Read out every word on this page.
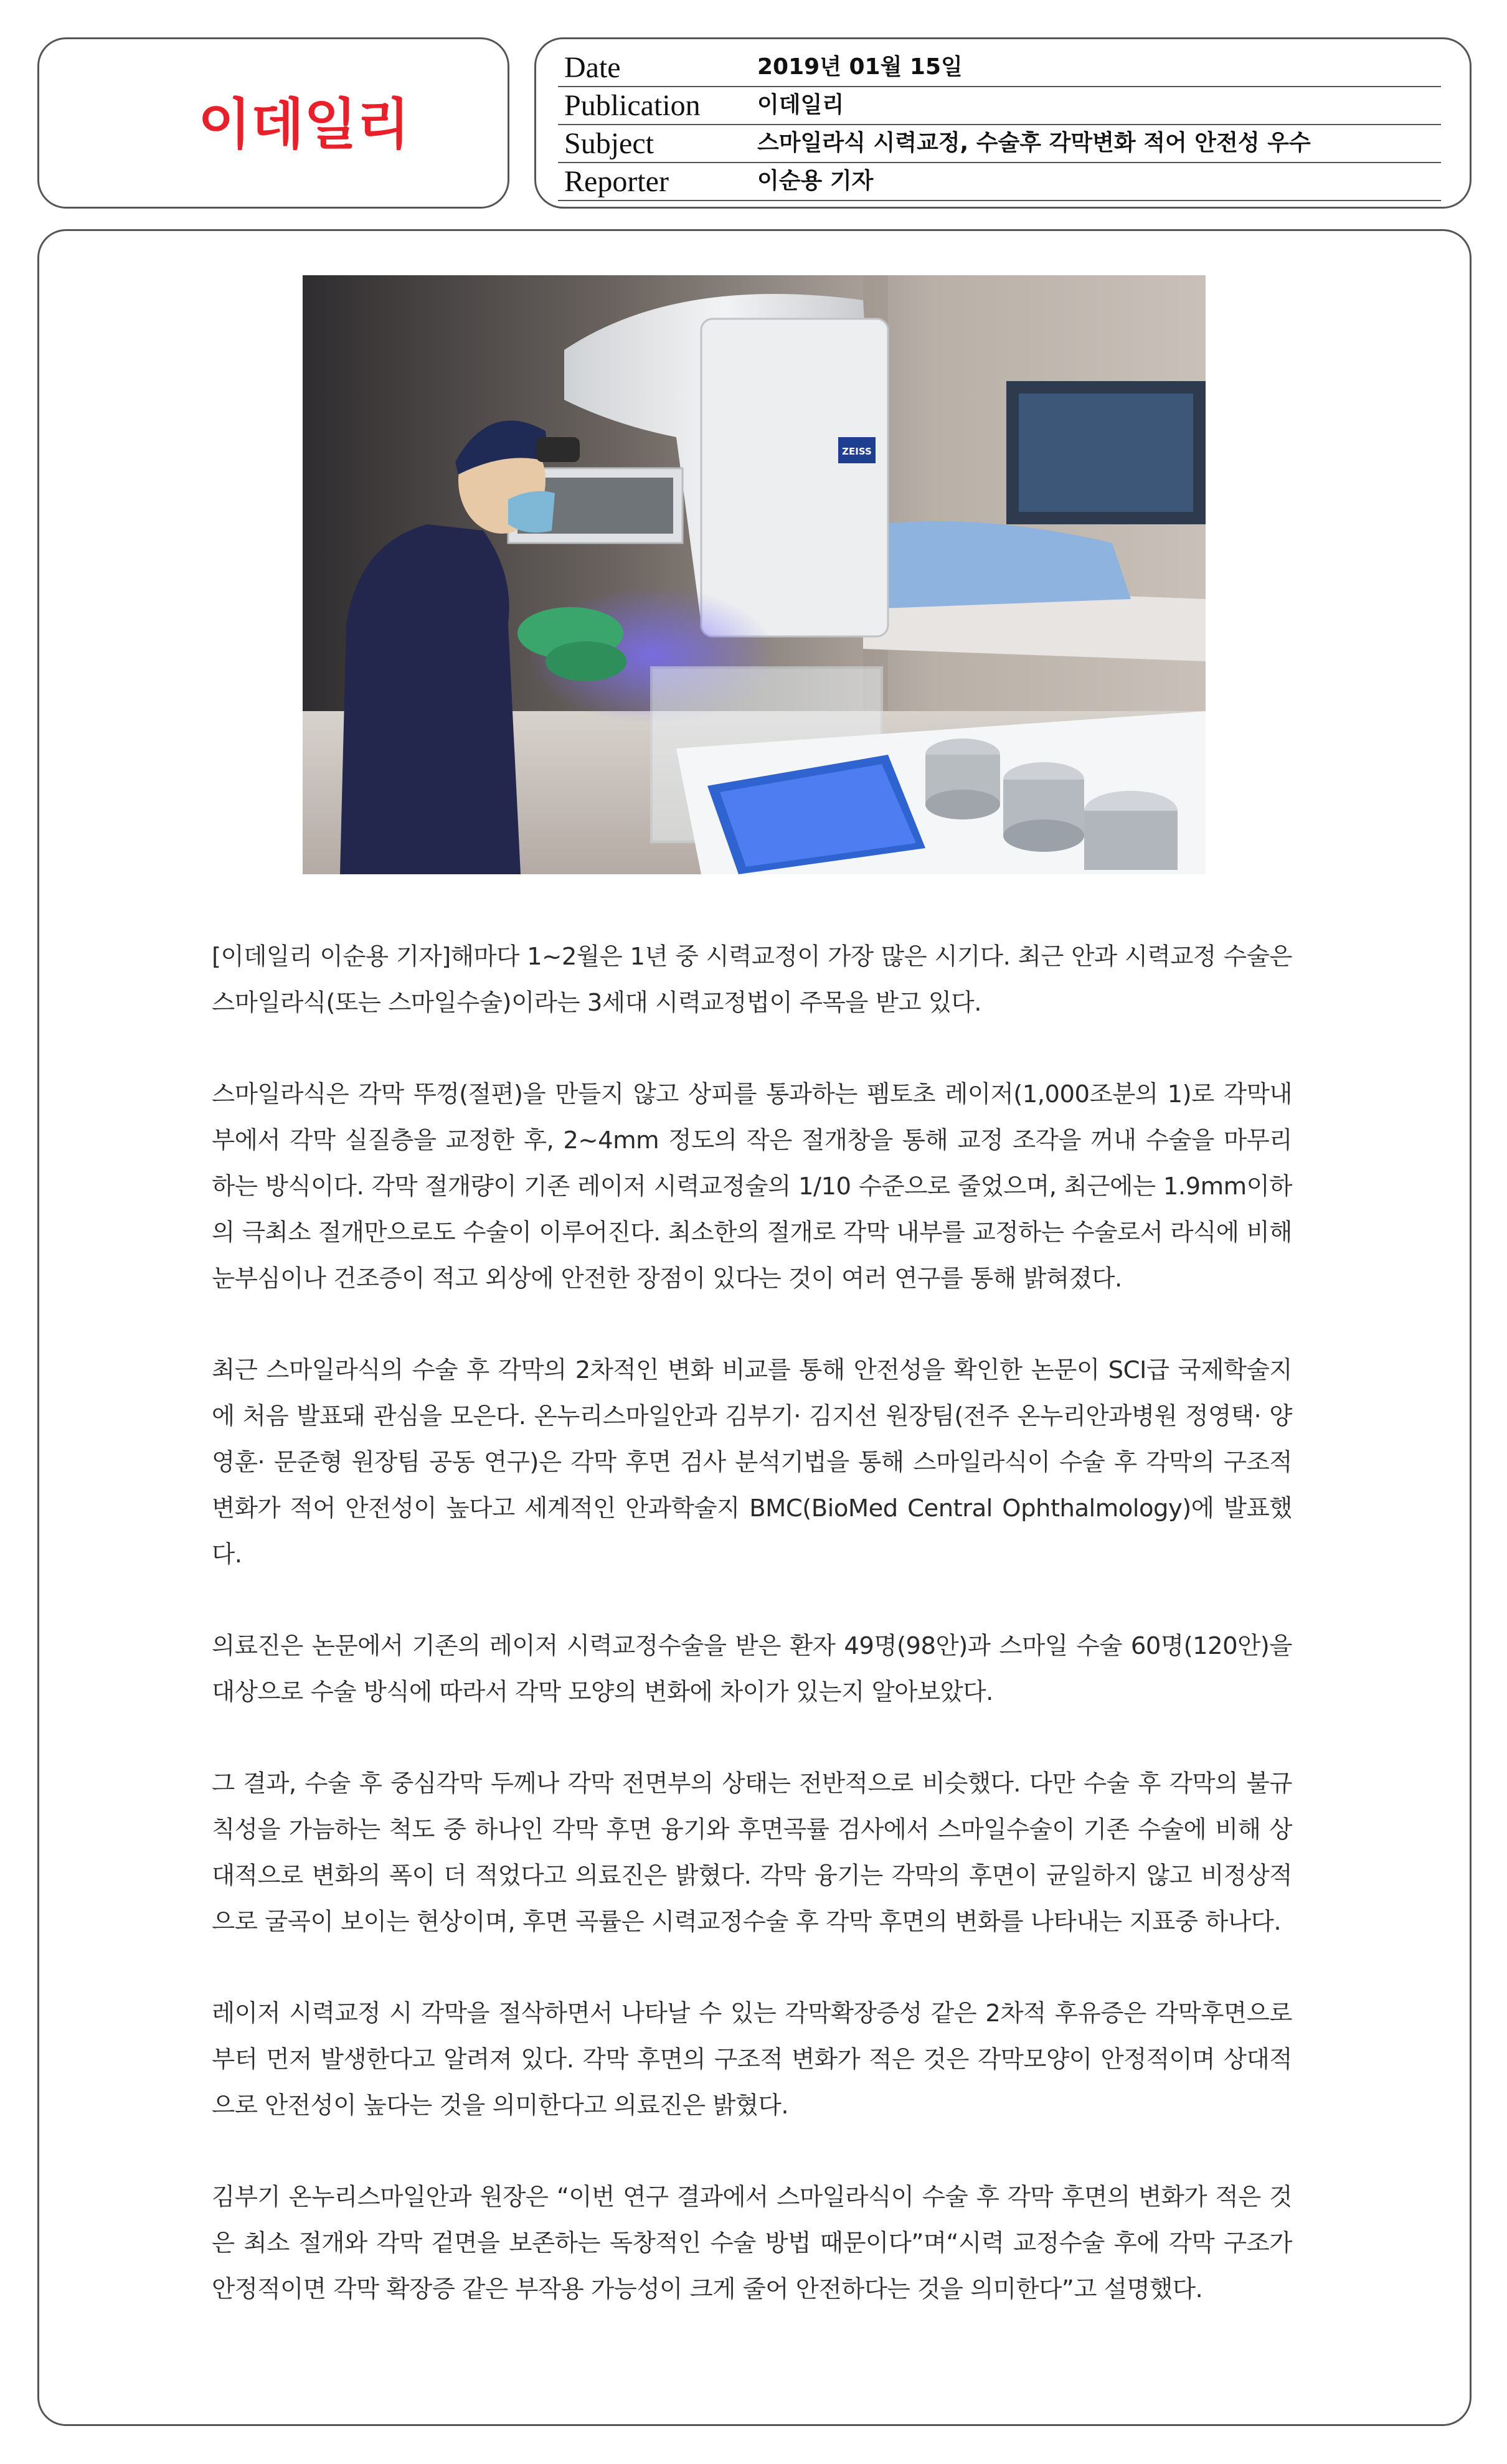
이데일리
Date	2019년 01월 15일
Publication	이데일리
Subject	스마일라식 시력교정, 수술후 각막변화 적어 안전성 우수
Reporter	이순용 기자
ZEISS

[이데일리 이순용 기자]해마다 1~2월은 1년 중 시력교정이 가장 많은 시기다. 최근 안과 시력교정 수술은 스마일라식(또는 스마일수술)이라는 3세대 시력교정법이 주목을 받고 있다.

스마일라식은 각막 뚜껑(절편)을 만들지 않고 상피를 통과하는 펨토초 레이저(1,000조분의 1)로 각막내부에서 각막 실질층을 교정한 후, 2~4mm 정도의 작은 절개창을 통해 교정 조각을 꺼내 수술을 마무리 하는 방식이다. 각막 절개량이 기존 레이저 시력교정술의 1/10 수준으로 줄었으며, 최근에는 1.9mm이하의 극최소 절개만으로도 수술이 이루어진다. 최소한의 절개로 각막 내부를 교정하는 수술로서 라식에 비해 눈부심이나 건조증이 적고 외상에 안전한 장점이 있다는 것이 여러 연구를 통해 밝혀졌다.

최근 스마일라식의 수술 후 각막의 2차적인 변화 비교를 통해 안전성을 확인한 논문이 SCI급 국제학술지에 처음 발표돼 관심을 모은다. 온누리스마일안과 김부기· 김지선 원장팀(전주 온누리안과병원 정영택· 양영훈· 문준형 원장팀 공동 연구)은 각막 후면 검사 분석기법을 통해 스마일라식이 수술 후 각막의 구조적 변화가 적어 안전성이 높다고 세계적인 안과학술지 BMC(BioMed Central Ophthalmology)에 발표했다.

의료진은 논문에서 기존의 레이저 시력교정수술을 받은 환자 49명(98안)과 스마일 수술 60명(120안)을 대상으로 수술 방식에 따라서 각막 모양의 변화에 차이가 있는지 알아보았다.

그 결과, 수술 후 중심각막 두께나 각막 전면부의 상태는 전반적으로 비슷했다. 다만 수술 후 각막의 불규칙성을 가늠하는 척도 중 하나인 각막 후면 융기와 후면곡률 검사에서 스마일수술이 기존 수술에 비해 상대적으로 변화의 폭이 더 적었다고 의료진은 밝혔다. 각막 융기는 각막의 후면이 균일하지 않고 비정상적으로 굴곡이 보이는 현상이며, 후면 곡률은 시력교정수술 후 각막 후면의 변화를 나타내는 지표중 하나다.

레이저 시력교정 시 각막을 절삭하면서 나타날 수 있는 각막확장증성 같은 2차적 후유증은 각막후면으로부터 먼저 발생한다고 알려져 있다. 각막 후면의 구조적 변화가 적은 것은 각막모양이 안정적이며 상대적으로 안전성이 높다는 것을 의미한다고 의료진은 밝혔다.

김부기 온누리스마일안과 원장은 “이번 연구 결과에서 스마일라식이 수술 후 각막 후면의 변화가 적은 것은 최소 절개와 각막 겉면을 보존하는 독창적인 수술 방법 때문이다”며“시력 교정수술 후에 각막 구조가 안정적이면 각막 확장증 같은 부작용 가능성이 크게 줄어 안전하다는 것을 의미한다”고 설명했다.
